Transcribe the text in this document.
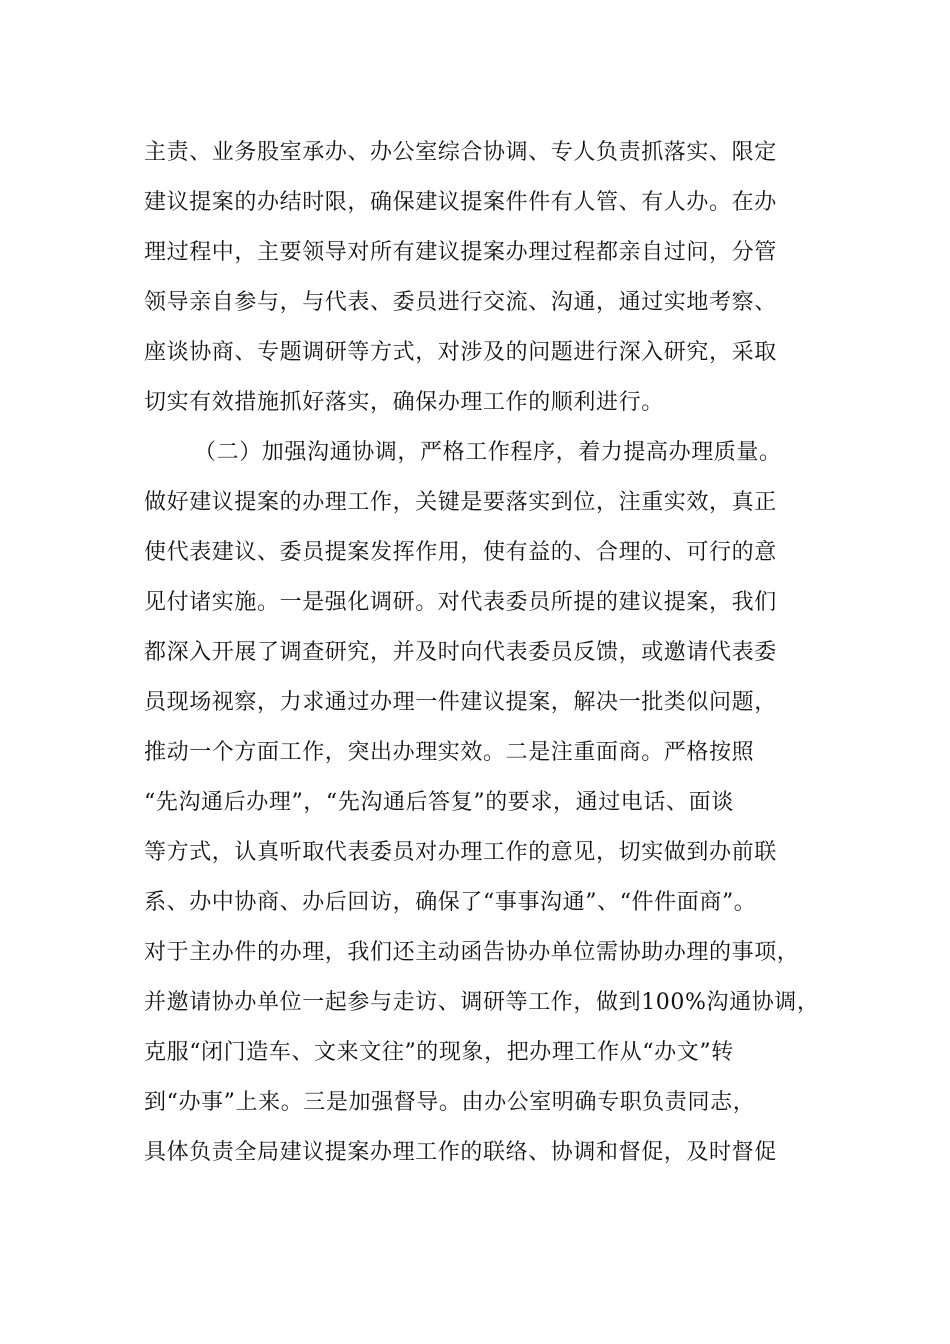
主责、业务股室承办、办公室综合协调、专人负责抓落实、限定
建议提案的办结时限，确保建议提案件件有人管、有人办。在办
理过程中，主要领导对所有建议提案办理过程都亲自过问，分管
领导亲自参与，与代表、委员进行交流、沟通，通过实地考察、
座谈协商、专题调研等方式，对涉及的问题进行深入研究，采取
切实有效措施抓好落实，确保办理工作的顺利进行。
（二）加强沟通协调，严格工作程序，着力提高办理质量。
做好建议提案的办理工作，关键是要落实到位，注重实效，真正
使代表建议、委员提案发挥作用，使有益的、合理的、可行的意
见付诸实施。一是强化调研。对代表委员所提的建议提案，我们
都深入开展了调查研究，并及时向代表委员反馈，或邀请代表委
员现场视察，力求通过办理一件建议提案，解决一批类似问题，
推动一个方面工作，突出办理实效。二是注重面商。严格按照
“先沟通后办理”，“先沟通后答复”的要求，通过电话、面谈
等方式，认真听取代表委员对办理工作的意见，切实做到办前联
系、办中协商、办后回访，确保了“事事沟通”、“件件面商”。
对于主办件的办理，我们还主动函告协办单位需协助办理的事项，
并邀请协办单位一起参与走访、调研等工作，做到100%沟通协调，
克服“闭门造车、文来文往”的现象，把办理工作从“办文”转
到“办事”上来。三是加强督导。由办公室明确专职负责同志，
具体负责全局建议提案办理工作的联络、协调和督促，及时督促
